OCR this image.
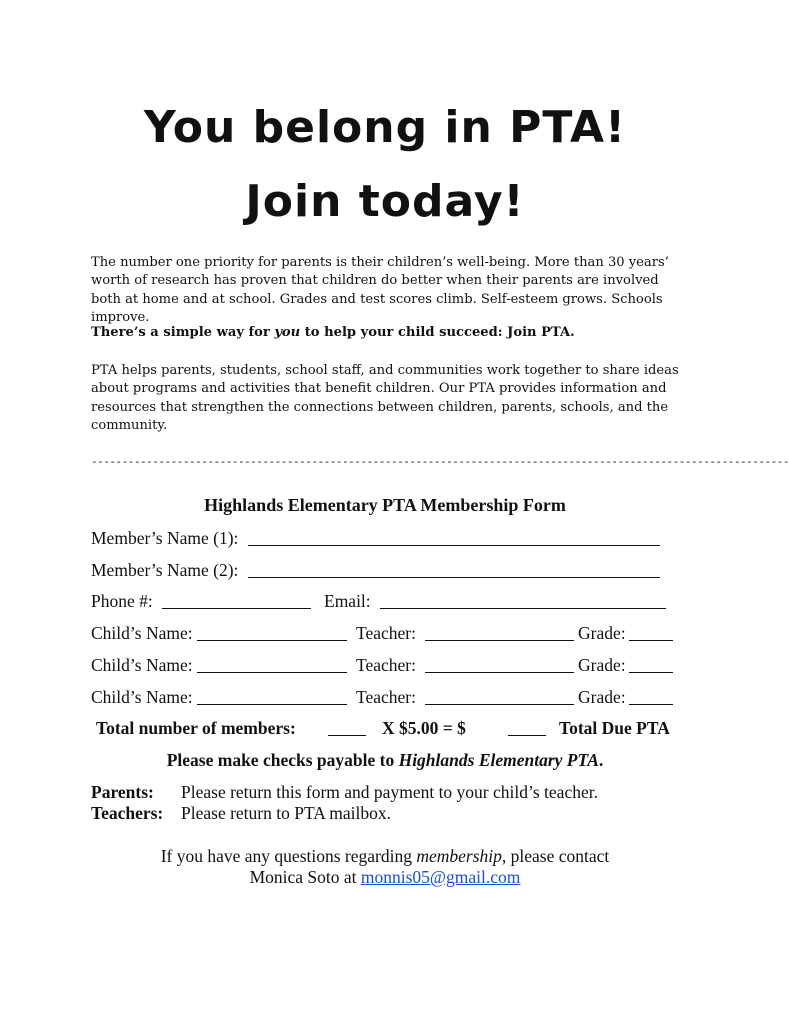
You belong in PTA!
Join today!

The number one priority for parents is their children’s well-being. More than 30 years’ worth of research has proven that children do better when their parents are involved both at home and at school. Grades and test scores climb. Self-esteem grows. Schools improve.

There’s a simple way for you to help your child succeed: Join PTA.

PTA helps parents, students, school staff, and communities work together to share ideas about programs and activities that benefit children. Our PTA provides information and resources that strengthen the connections between children, parents, schools, and the community.

------------------------------------------------------------------------------------------------------------------
Highlands Elementary PTA Membership Form
Member’s Name (1):
Member’s Name (2):
Phone #:	Email:
Child’s Name:	Teacher:	Grade:
Child’s Name:	Teacher:	Grade:
Child’s Name:	Teacher:	Grade:
Total number of members:	X $5.00 = $	Total Due PTA
Please make checks payable to Highlands Elementary PTA.
Parents: Please return this form and payment to your child’s teacher.
Teachers: Please return to PTA mailbox.
If you have any questions regarding membership, please contact
Monica Soto at monnis05@gmail.com
